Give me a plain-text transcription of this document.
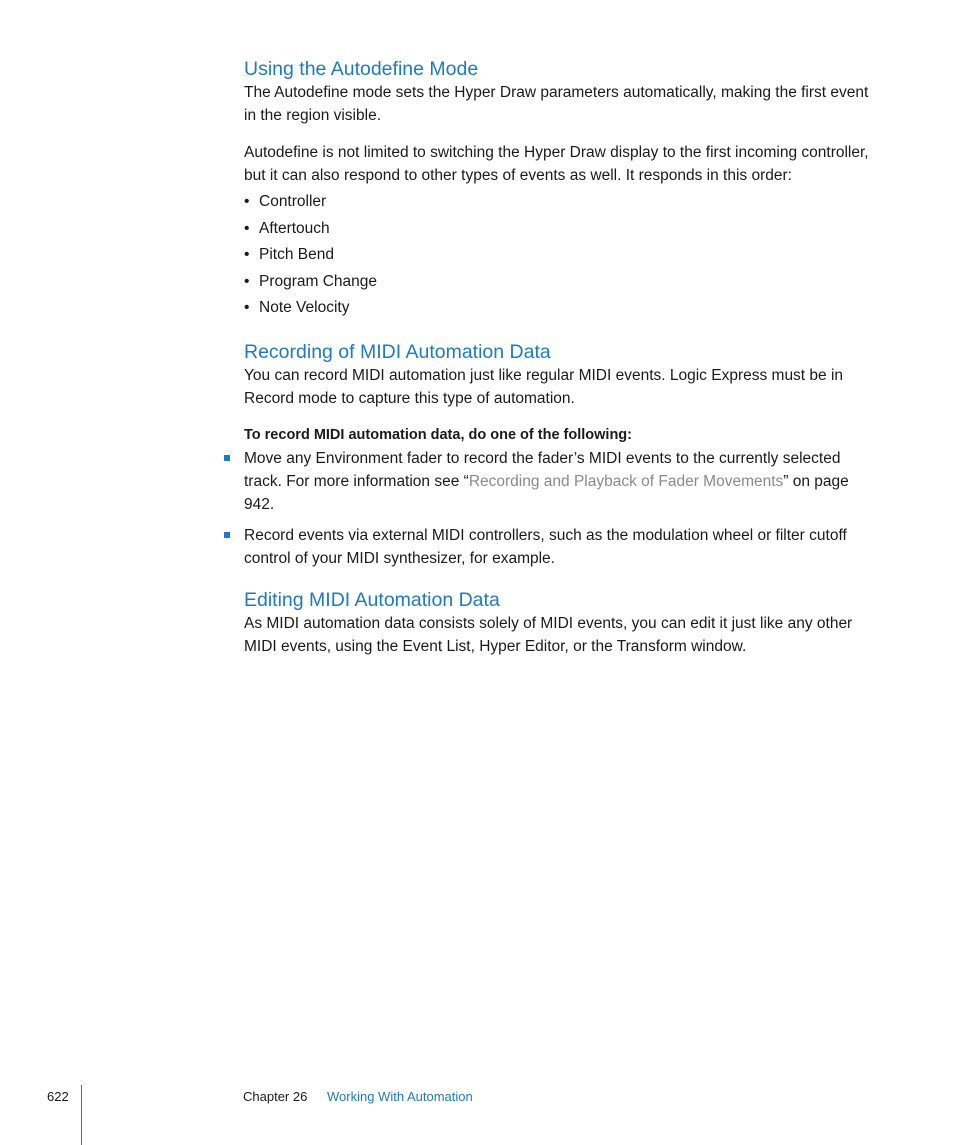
Using the Autodefine Mode

The Autodefine mode sets the Hyper Draw parameters automatically, making the first event in the region visible.

Autodefine is not limited to switching the Hyper Draw display to the first incoming controller, but it can also respond to other types of events as well. It responds in this order:

• Controller
• Aftertouch
• Pitch Bend
• Program Change
• Note Velocity
Recording of MIDI Automation Data

You can record MIDI automation just like regular MIDI events. Logic Express must be in Record mode to capture this type of automation.

To record MIDI automation data, do one of the following:

Move any Environment fader to record the fader’s MIDI events to the currently selected track. For more information see “Recording and Playback of Fader Movements” on page 942.
Record events via external MIDI controllers, such as the modulation wheel or filter cutoff control of your MIDI synthesizer, for example.
Editing MIDI Automation Data

As MIDI automation data consists solely of MIDI events, you can edit it just like any other MIDI events, using the Event List, Hyper Editor, or the Transform window.

622	Chapter 26 Working With Automation
